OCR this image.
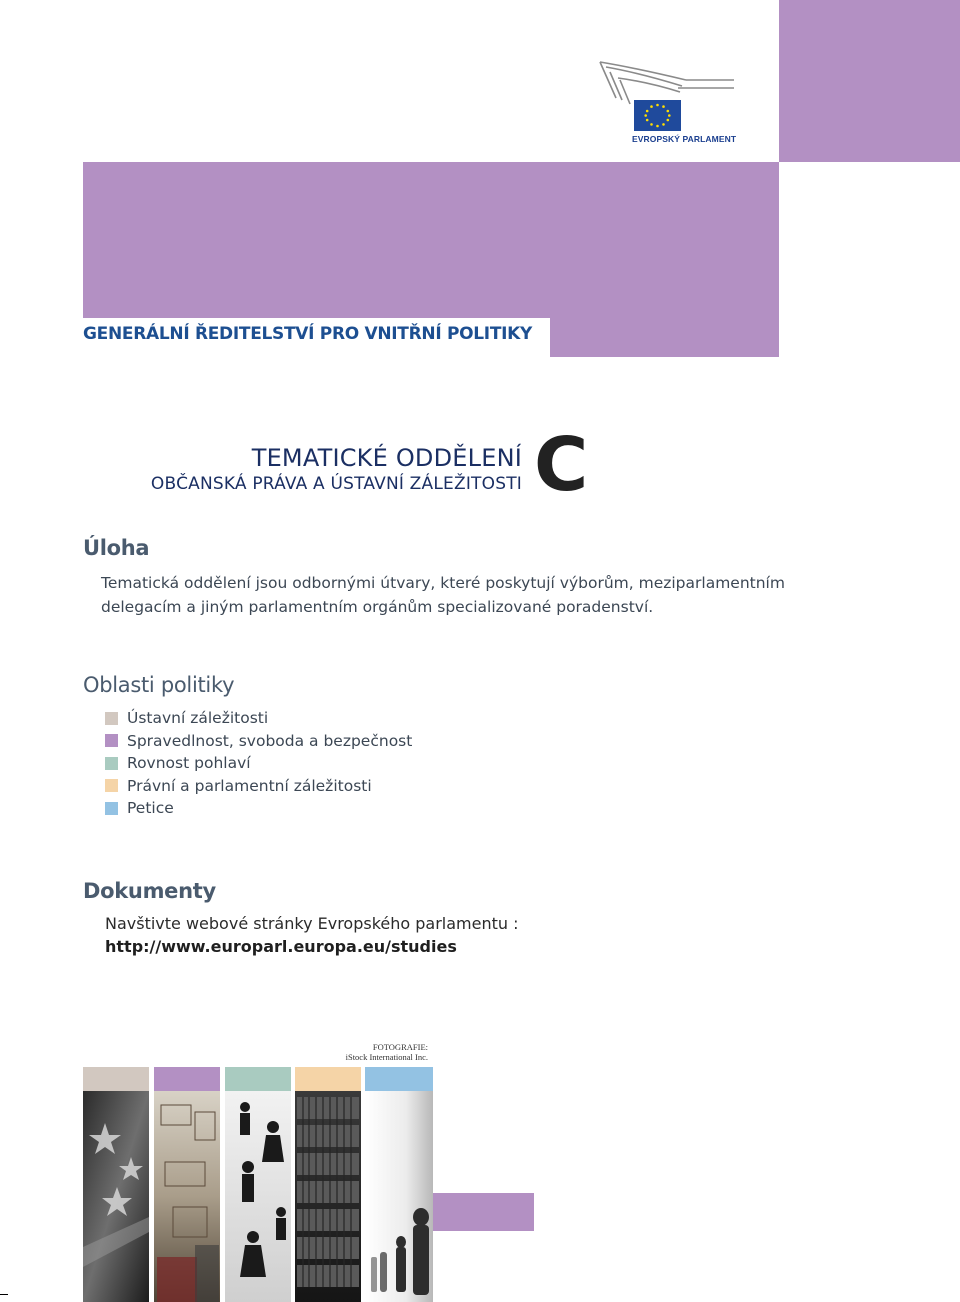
EVROPSKÝ PARLAMENT
GENERÁLNÍ ŘEDITELSTVÍ PRO VNITŘNÍ POLITIKY
TEMATICKÉ ODDĚLENÍ
OBČANSKÁ PRÁVA A ÚSTAVNÍ ZÁLEŽITOSTI C
Úloha
Tematická oddělení jsou odbornými útvary, které poskytují výborům, meziparlamentním delegacím a jiným parlamentním orgánům specializované poradenství.
Oblasti politiky
Ústavní záležitosti
Spravedlnost, svoboda a bezpečnost
Rovnost pohlaví
Právní a parlamentní záležitosti
Petice
Dokumenty
Navštivte webové stránky Evropského parlamentu :
http://www.europarl.europa.eu/studies
FOTOGRAFIE:
iStock International Inc.
